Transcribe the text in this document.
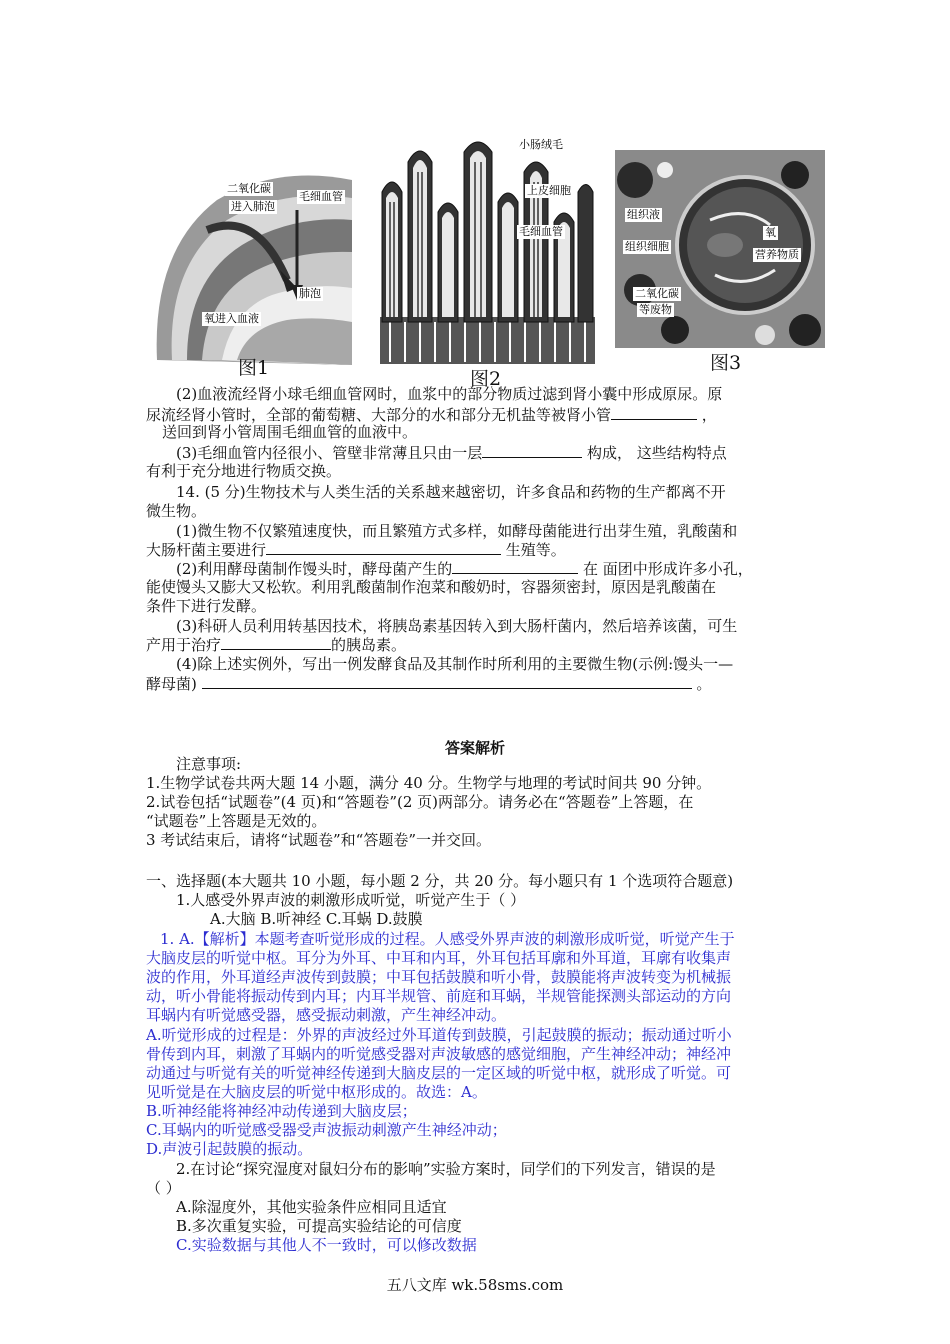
二氧化碳
进入肺泡
毛细血管
肺泡
氧进入血液
图1
小肠绒毛
上皮细胞
毛细血管
图2
组织液
组织细胞
氧
营养物质
二氧化碳
等废物
图3
(2)血液流经肾小球毛细血管网时，血浆中的部分物质过滤到肾小囊中形成原尿。原
尿流经肾小管时，全部的葡萄糖、大部分的水和部分无机盐等被肾小管	，
送回到肾小管周围毛细血管的血液中。
(3)毛细血管内径很小、管壁非常薄且只由一层	构成， 这些结构特点
有利于充分地进行物质交换。
14. (5 分)生物技术与人类生活的关系越来越密切，许多食品和药物的生产都离不开
微生物。
(1)微生物不仅繁殖速度快，而且繁殖方式多样，如酵母菌能进行出芽生殖，乳酸菌和
大肠杆菌主要进行	生殖等。
(2)利用酵母菌制作馒头时，酵母菌产生的	在 面团中形成许多小孔，
能使馒头又膨大又松软。利用乳酸菌制作泡菜和酸奶时，容器须密封，原因是乳酸菌在
条件下进行发酵。
(3)科研人员利用转基因技术，将胰岛素基因转入到大肠杆菌内，然后培养该菌，可生
产用于治疗	的胰岛素。
(4)除上述实例外，写出一例发酵食品及其制作时所利用的主要微生物(示例:馒头一—
酵母菌)	。
答案解析
注意事项:
1.生物学试卷共两大题 14 小题，满分 40 分。生物学与地理的考试时间共 90 分钟。
2.试卷包括“试题卷”(4 页)和“答题卷”(2 页)两部分。请务必在“答题卷”上答题，在
“试题卷”上答题是无效的。
3 考试结束后，请将“试题卷”和“答题卷”一并交回。
一、选择题(本大题共 10 小题，每小题 2 分，共 20 分。每小题只有 1 个选项符合题意)
1.人感受外界声波的刺激形成听觉，听觉产生于（ ）
A.大脑 B.听神经 C.耳蜗 D.鼓膜
1. A.【解析】本题考查听觉形成的过程。人感受外界声波的刺激形成听觉，听觉产生于
大脑皮层的听觉中枢。耳分为外耳、中耳和内耳，外耳包括耳廓和外耳道，耳廓有收集声
波的作用，外耳道经声波传到鼓膜；中耳包括鼓膜和听小骨，鼓膜能将声波转变为机械振
动，听小骨能将振动传到内耳；内耳半规管、前庭和耳蜗，半规管能探测头部运动的方向
耳蜗内有听觉感受器，感受振动刺激，产生神经冲动。
A.听觉形成的过程是：外界的声波经过外耳道传到鼓膜，引起鼓膜的振动；振动通过听小
骨传到内耳，刺激了耳蜗内的听觉感受器对声波敏感的感觉细胞，产生神经冲动；神经冲
动通过与听觉有关的听觉神经传递到大脑皮层的一定区域的听觉中枢，就形成了听觉。可
见听觉是在大脑皮层的听觉中枢形成的。故选：A。
B.听神经能将神经冲动传递到大脑皮层；
C.耳蜗内的听觉感受器受声波振动刺激产生神经冲动；
D.声波引起鼓膜的振动。
2.在讨论“探究湿度对鼠妇分布的影响”实验方案时，同学们的下列发言，错误的是
（ ）
A.除湿度外，其他实验条件应相同且适宜
B.多次重复实验，可提高实验结论的可信度
C.实验数据与其他人不一致时，可以修改数据
五八文库 wk.58sms.com
